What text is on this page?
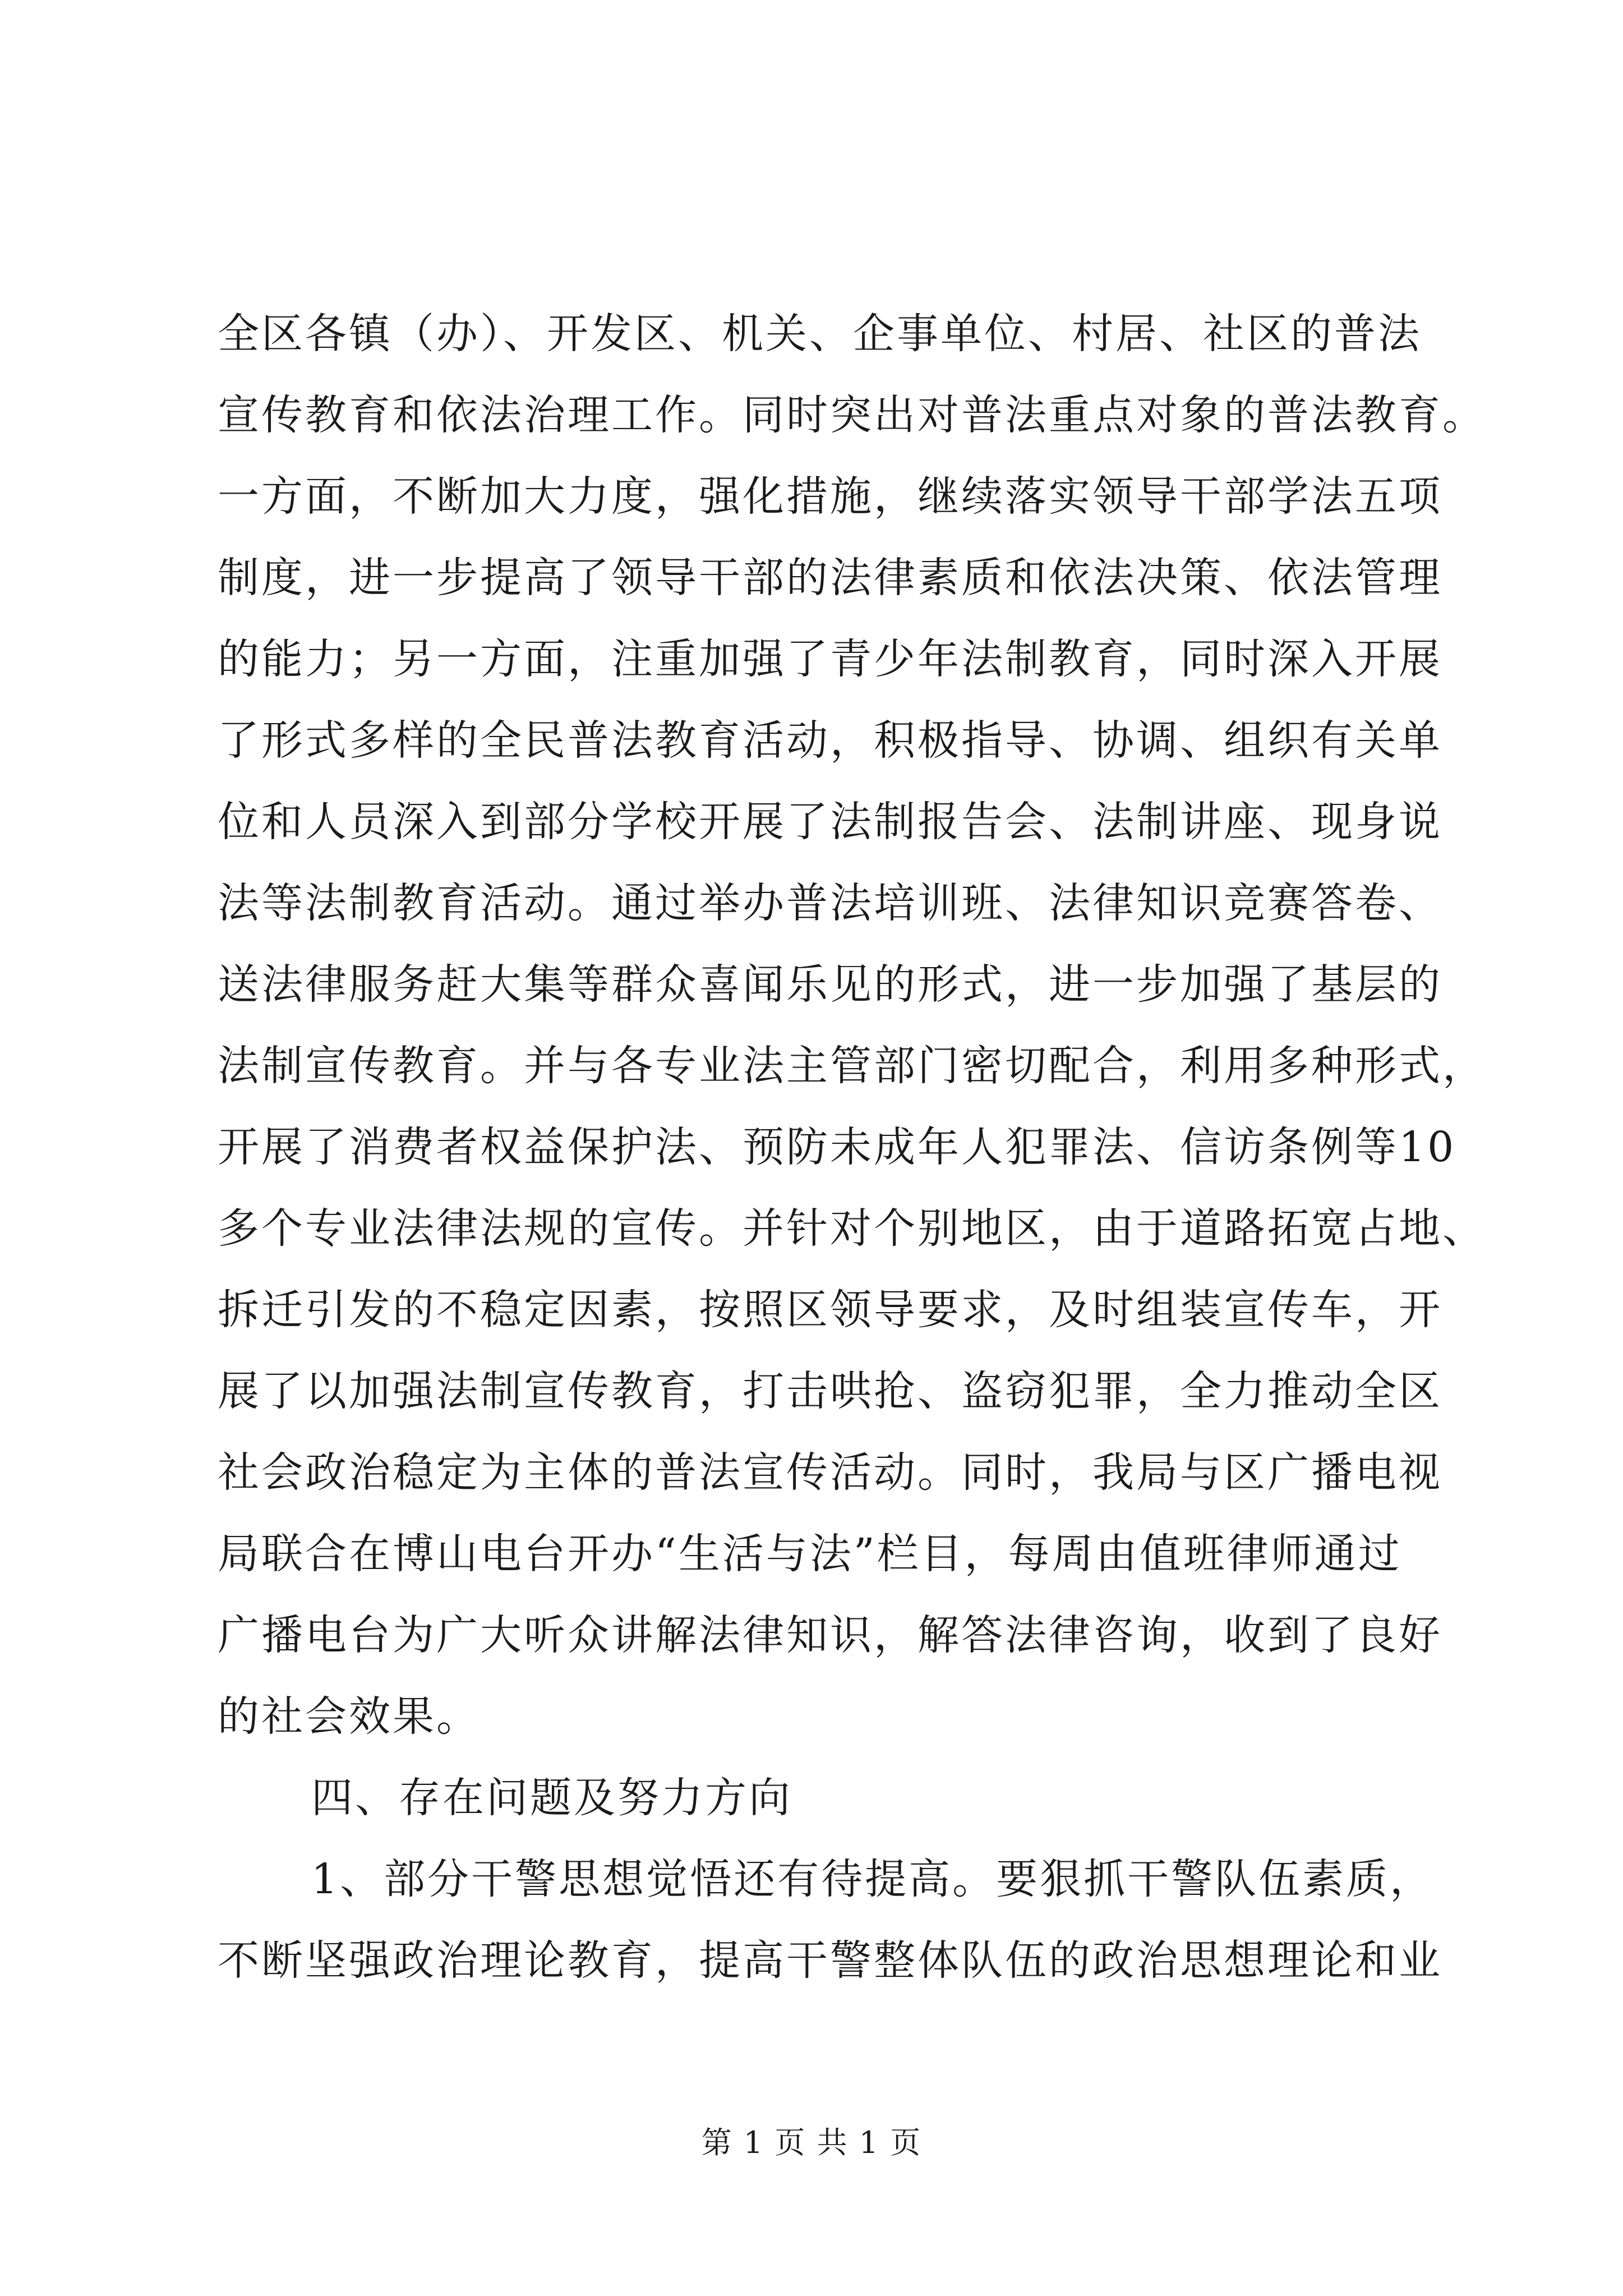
全区各镇（办）、开发区、机关、企事单位、村居、社区的普法
宣传教育和依法治理工作。同时突出对普法重点对象的普法教育。
一方面，不断加大力度，强化措施，继续落实领导干部学法五项
制度，进一步提高了领导干部的法律素质和依法决策、依法管理
的能力；另一方面，注重加强了青少年法制教育，同时深入开展
了形式多样的全民普法教育活动，积极指导、协调、组织有关单
位和人员深入到部分学校开展了法制报告会、法制讲座、现身说
法等法制教育活动。通过举办普法培训班、法律知识竞赛答卷、
送法律服务赶大集等群众喜闻乐见的形式，进一步加强了基层的
法制宣传教育。并与各专业法主管部门密切配合，利用多种形式，
开展了消费者权益保护法、预防未成年人犯罪法、信访条例等10
多个专业法律法规的宣传。并针对个别地区，由于道路拓宽占地、
拆迁引发的不稳定因素，按照区领导要求，及时组装宣传车，开
展了以加强法制宣传教育，打击哄抢、盗窃犯罪，全力推动全区
社会政治稳定为主体的普法宣传活动。同时，我局与区广播电视
局联合在博山电台开办“生活与法”栏目，每周由值班律师通过
广播电台为广大听众讲解法律知识，解答法律咨询，收到了良好
的社会效果。
四、存在问题及努力方向
1、部分干警思想觉悟还有待提高。要狠抓干警队伍素质，
不断坚强政治理论教育，提高干警整体队伍的政治思想理论和业
第 1 页 共 1 页
